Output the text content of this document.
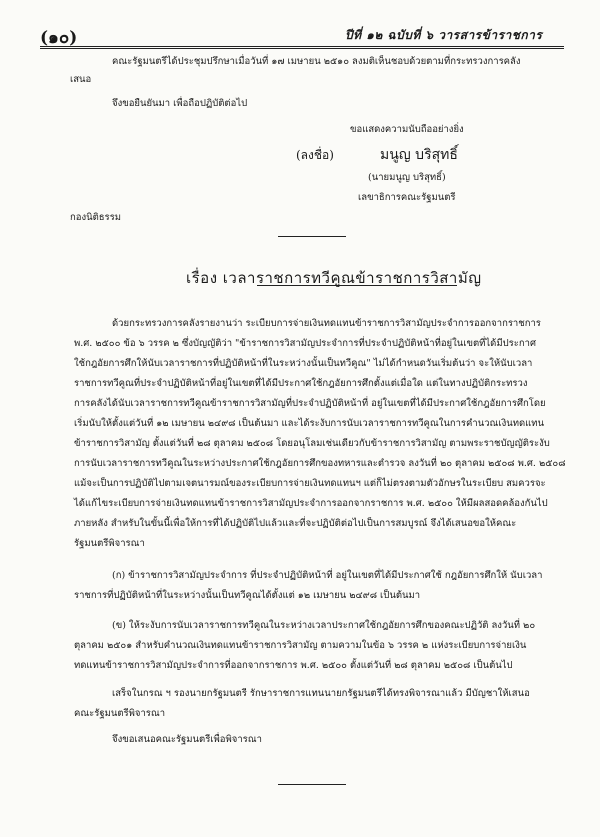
(๑๐)	ปีที่ ๑๒ ฉบับที่ ๖ วารสารข้าราชการ
คณะรัฐมนตรีได้ประชุมปรึกษาเมื่อวันที่ ๑๗ เมษายน ๒๕๑๐ ลงมติเห็นชอบด้วยตามที่กระทรวงการคลัง
เสนอ
จึงขอยืนยันมา เพื่อถือปฏิบัติต่อไป
ขอแสดงความนับถืออย่างยิ่ง
(ลงชื่อ)	มนูญ บริสุทธิ์
(นายมนูญ บริสุทธิ์)
เลขาธิการคณะรัฐมนตรี
กองนิติธรรม
เรื่อง เวลาราชการทวีคูณข้าราชการวิสามัญ
ด้วยกระทรวงการคลังรายงานว่า ระเบียบการจ่ายเงินทดแทนข้าราชการวิสามัญประจำการออกจากราชการ
พ.ศ. ๒๕๐๐ ข้อ ๖ วรรค ๒ ซึ่งบัญญัติว่า "ข้าราชการวิสามัญประจำการที่ประจำปฏิบัติหน้าที่อยู่ในเขตที่ได้มีประกาศ
ใช้กฎอัยการศึกให้นับเวลาราชการที่ปฏิบัติหน้าที่ในระหว่างนั้นเป็นทวีคูณ" ไม่ได้กำหนดวันเริ่มต้นว่า จะให้นับเวลา
ราชการทวีคูณที่ประจำปฏิบัติหน้าที่อยู่ในเขตที่ได้มีประกาศใช้กฎอัยการศึกตั้งแต่เมื่อใด แต่ในทางปฏิบัติกระทรวง
การคลังได้นับเวลาราชการทวีคูณข้าราชการวิสามัญที่ประจำปฏิบัติหน้าที่ อยู่ในเขตที่ได้มีประกาศใช้กฎอัยการศึกโดย
เริ่มนับให้ตั้งแต่วันที่ ๑๒ เมษายน ๒๔๙๘ เป็นต้นมา และได้ระงับการนับเวลาราชการทวีคูณในการคำนวณเงินทดแทน
ข้าราชการวิสามัญ ตั้งแต่วันที่ ๒๘ ตุลาคม ๒๕๐๘ โดยอนุโลมเช่นเดียวกับข้าราชการวิสามัญ ตามพระราชบัญญัติระงับ
การนับเวลาราชการทวีคูณในระหว่างประกาศใช้กฎอัยการศึกของทหารและตำรวจ ลงวันที่ ๒๐ ตุลาคม ๒๕๐๘ พ.ศ. ๒๕๐๘
แม้จะเป็นการปฏิบัติไปตามเจตนารมณ์ของระเบียบการจ่ายเงินทดแทนฯ แต่ก็ไม่ตรงตามตัวอักษรในระเบียบ สมควรจะ
ได้แก้ไขระเบียบการจ่ายเงินทดแทนข้าราชการวิสามัญประจำการออกจากราชการ พ.ศ. ๒๕๐๐ ให้มีผลสอดคล้องกันไป
ภายหลัง สำหรับในขั้นนี้เพื่อให้การที่ได้ปฏิบัติไปแล้วและที่จะปฏิบัติต่อไปเป็นการสมบูรณ์ จึงได้เสนอขอให้คณะ
รัฐมนตรีพิจารณา
(ก) ข้าราชการวิสามัญประจำการ ที่ประจำปฏิบัติหน้าที่ อยู่ในเขตที่ได้มีประกาศใช้ กฎอัยการศึกให้ นับเวลา
ราชการที่ปฏิบัติหน้าที่ในระหว่างนั้นเป็นทวีคูณได้ตั้งแต่ ๑๒ เมษายน ๒๔๙๘ เป็นต้นมา
(ข) ให้ระงับการนับเวลาราชการทวีคูณในระหว่างเวลาประกาศใช้กฎอัยการศึกของคณะปฏิวัติ ลงวันที่ ๒๐
ตุลาคม ๒๕๐๑ สำหรับคำนวณเงินทดแทนข้าราชการวิสามัญ ตามความในข้อ ๖ วรรค ๒ แห่งระเบียบการจ่ายเงิน
ทดแทนข้าราชการวิสามัญประจำการที่ออกจากราชการ พ.ศ. ๒๕๐๐ ตั้งแต่วันที่ ๒๘ ตุลาคม ๒๕๐๘ เป็นต้นไป
เสร็จในกรณ ฯ รองนายกรัฐมนตรี รักษาราชการแทนนายกรัฐมนตรีได้ทรงพิจารณาแล้ว มีบัญชาให้เสนอ
คณะรัฐมนตรีพิจารณา
จึงขอเสนอคณะรัฐมนตรีเพื่อพิจารณา
